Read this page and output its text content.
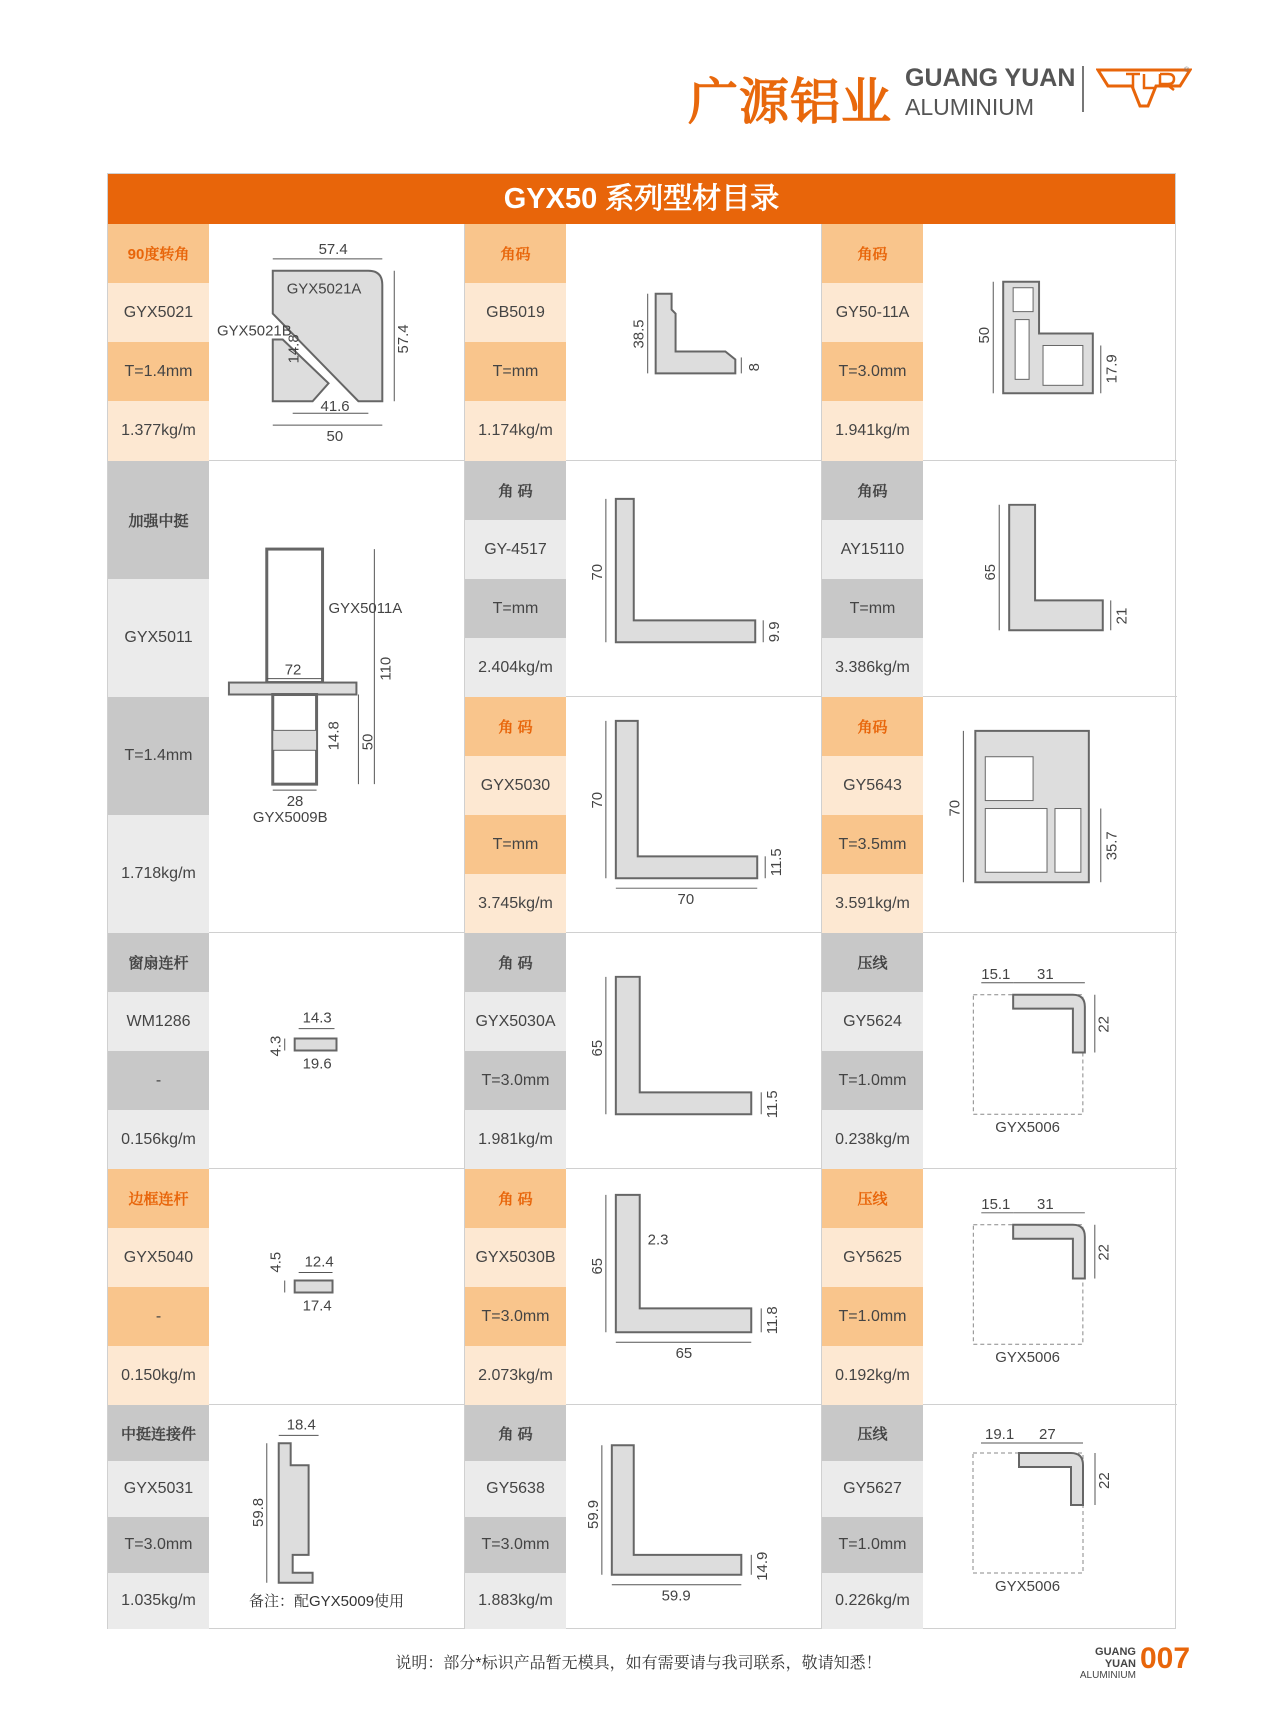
广源铝业 GUANG YUAN
ALUMINIUM
®
GYX50 系列型材目录
90度转角
GYX5021
T=1.4mm
1.377kg/m
57.4
GYX5021A
GYX5021B
14.8	57.4
41.6
50
角码
GB5019
T=mm
1.174kg/m
38.5
8
角码
GY50-11A
T=3.0mm
1.941kg/m
50
17.9
加强中挺
GYX5011
T=1.4mm
1.718kg/m
GYX5011A
72	110
14.8 50
28
GYX5009B
角 码
GY-4517
T=mm
2.404kg/m
70
9.9
角码
AY15110
T=mm
3.386kg/m
65
21
角 码
GYX5030
T=mm
3.745kg/m
70
11.5
70
角码
GY5643
T=3.5mm
3.591kg/m
70
35.7
窗扇连杆
WM1286
-
0.156kg/m
14.3
4.3
19.6
角 码
GYX5030A
T=3.0mm
1.981kg/m
65
11.5
压线
GY5624
T=1.0mm
0.238kg/m
15.1 31
22
GYX5006
边框连杆
GYX5040
-
0.150kg/m
4.5 12.4
17.4
角 码
GYX5030B
T=3.0mm
2.073kg/m
65
2.3
11.8
65
压线
GY5625
T=1.0mm
0.192kg/m
15.1 31
22
GYX5006
中挺连接件
GYX5031
T=3.0mm
1.035kg/m
18.4
59.8
备注：配GYX5009使用
角 码
GY5638
T=3.0mm
1.883kg/m
59.9
14.9
59.9
压线
GY5627
T=1.0mm
0.226kg/m
19.1 27
22
GYX5006
说明：部分*标识产品暂无模具，如有需要请与我司联系，敬请知悉！
GUANG YUAN
ALUMINIUM
007
